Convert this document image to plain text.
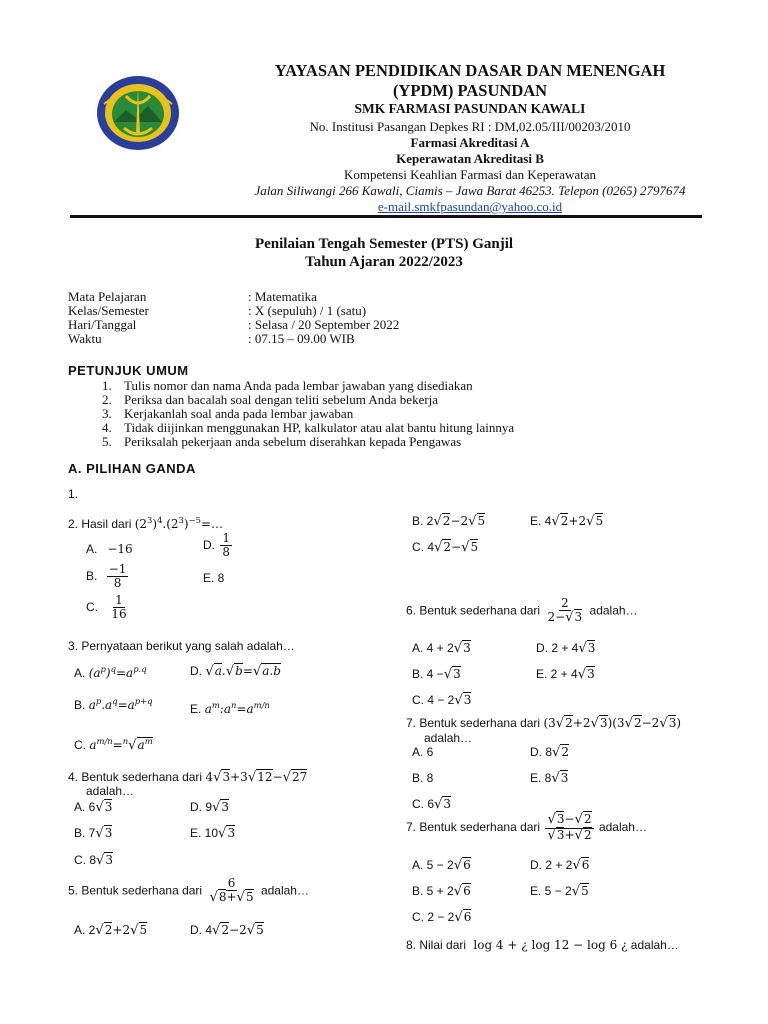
YAYASAN PENDIDIKAN DASAR DAN MENENGAH
(YPDM) PASUNDAN
SMK FARMASI PASUNDAN KAWALI
No. Institusi Pasangan Depkes RI : DM,02.05/III/00203/2010
Farmasi Akreditasi A
Keperawatan Akreditasi B
Kompetensi Keahlian Farmasi dan Keperawatan
Jalan Siliwangi 266 Kawali, Ciamis – Jawa Barat 46253. Telepon (0265) 2797674
e-mail.smkfpasundan@yahoo.co.id
Penilaian Tengah Semester (PTS) Ganjil
Tahun Ajaran 2022/2023
Mata Pelajaran	: Matematika
Kelas/Semester	: X (sepuluh) / 1 (satu)
Hari/Tanggal	: Selasa / 20 September 2022
Waktu	: 07.15 – 09.00 WIB
PETUNJUK UMUM
1. Tulis nomor dan nama Anda pada lembar jawaban yang disediakan
2. Periksa dan bacalah soal dengan teliti sebelum Anda bekerja
3. Kerjakanlah soal anda pada lembar jawaban
4. Tidak diijinkan menggunakan HP, kalkulator atau alat bantu hitung lainnya
5. Periksalah pekerjaan anda sebelum diserahkan kepada Pengawas
A. PILIHAN GANDA
1.
2. Hasil dari $(2^3)^4.(2^3)^{-5}=\dots$
A. −16	D. $\frac{1}{8}$
B. $\frac{-1}{8}$	E. 8
C. $\frac{1}{16}$
3. Pernyataan berikut yang salah adalah…
A. $(a^p)^q=a^{p.q}$	D. √a.√b=√a.b
B. $a^p.a^q=a^{p+q}$
E. $a^m:a^n=a^{m/n}$
C. $a^{m/n}=^n√a^m$
4. Bentuk sederhana dari 4√3+3√12−√27
adalah…
A. 6√3	D. 9√3
B. 7√3	E. 10√3
C. 8√3
5. Bentuk sederhana dari $\frac{6}{√8+√5}$ adalah…
A. 2√2+2√5	D. 4√2−2√5
B. 2√2−2√5	E. 4√2+2√5
C. 4√2−√5
6. Bentuk sederhana dari $\frac{2}{2-√3}$ adalah…
A. 4 + 2√3	D. 2 + 4√3
B. 4 −√3	E. 2 + 4√3
C. 4 − 2√3
7. Bentuk sederhana dari (3√2+2√3)(3√2−2√3)
adalah…
A. 6	D. 8√2
B. 8	E. 8√3
C. 6√3
7. Bentuk sederhana dari $\frac{√3-√2}{√3+√2}$ adalah…
A. 5 − 2√6	D. 2 + 2√6
B. 5 + 2√6	E. 5 − 2√5
C. 2 − 2√6
8. Nilai dari log 4 + ¿ log 12 − log 6 ¿ adalah…
